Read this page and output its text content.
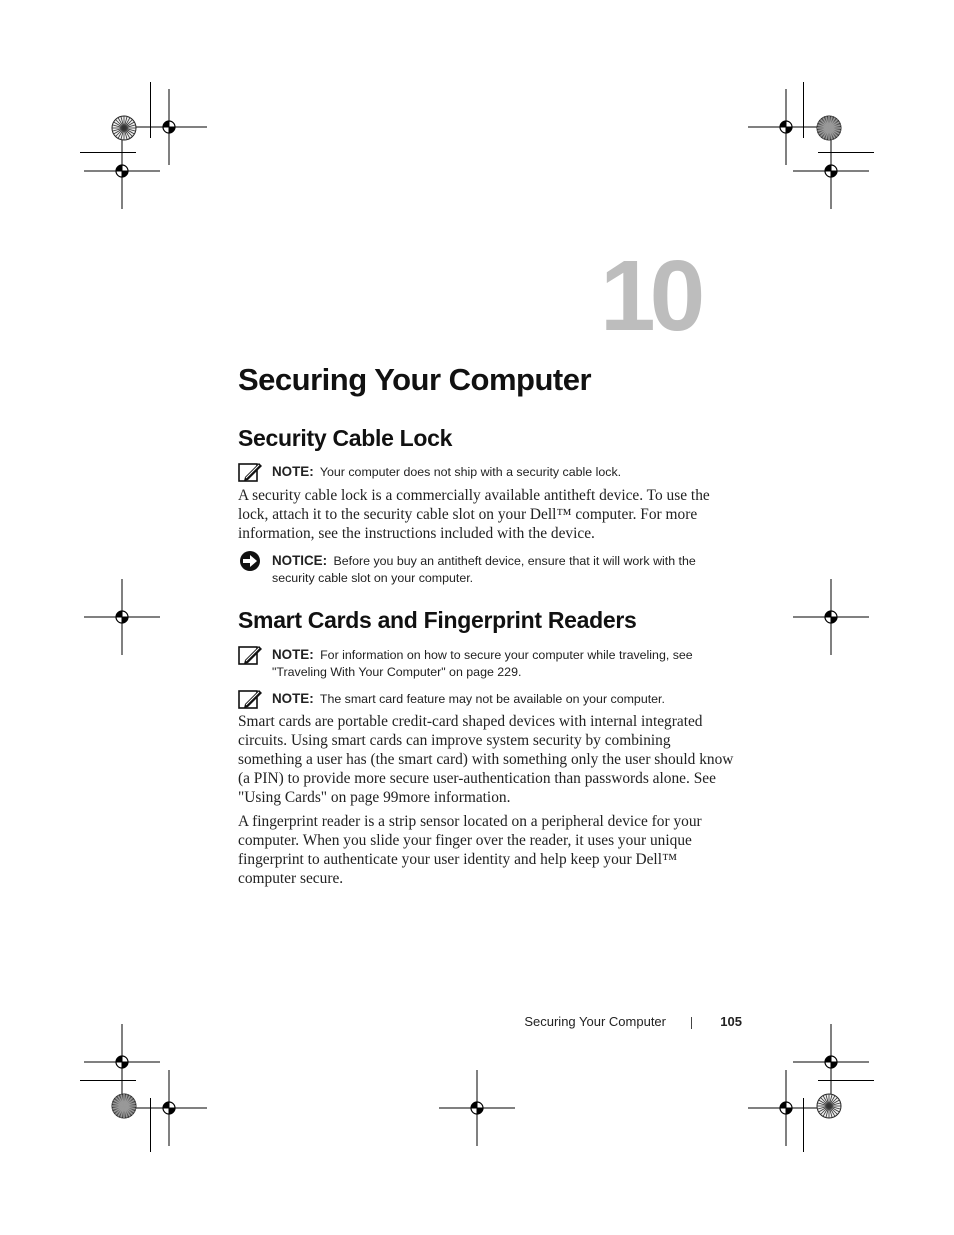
10
Securing Your Computer
Security Cable Lock
NOTE: Your computer does not ship with a security cable lock.
A security cable lock is a commercially available antitheft device. To use the lock, attach it to the security cable slot on your Dell™ computer. For more information, see the instructions included with the device.
NOTICE: Before you buy an antitheft device, ensure that it will work with the security cable slot on your computer.
Smart Cards and Fingerprint Readers
NOTE: For information on how to secure your computer while traveling, see "Traveling With Your Computer" on page 229.
NOTE: The smart card feature may not be available on your computer.
Smart cards are portable credit-card shaped devices with internal integrated circuits. Using smart cards can improve system security by combining something a user has (the smart card) with something only the user should know (a PIN) to provide more secure user-authentication than passwords alone. See "Using Cards" on page 99more information.
A fingerprint reader is a strip sensor located on a peripheral device for your computer. When you slide your finger over the reader, it uses your unique fingerprint to authenticate your user identity and help keep your Dell™ computer secure.
Securing Your Computer	105
